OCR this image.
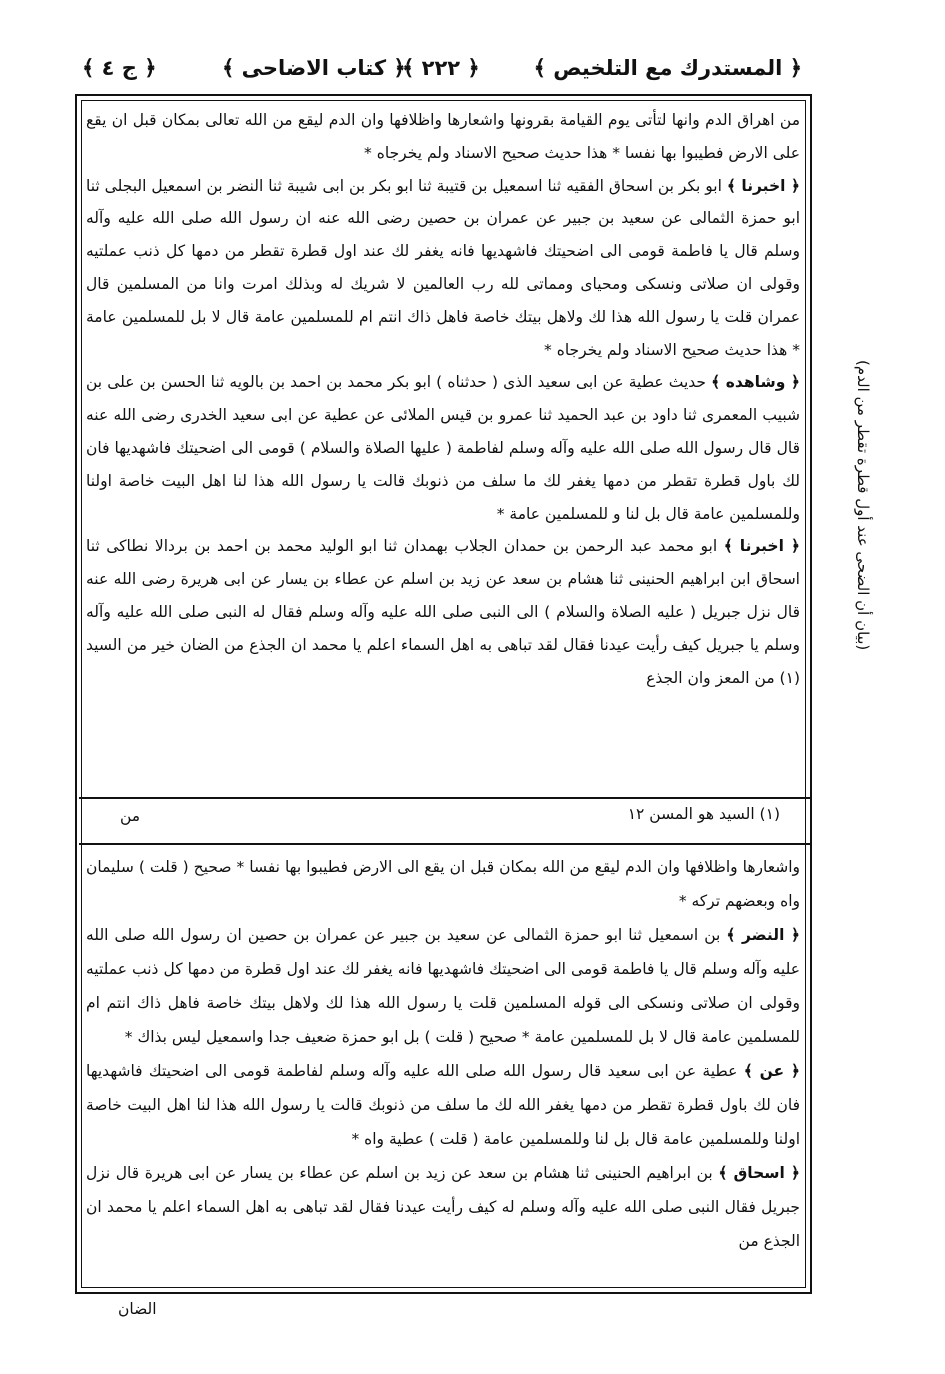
﴿ المستدرك مع التلخيص ﴾
﴿ ٢٢٢ ﴾
﴿ كتاب الاضاحى ﴾
﴿ ج ٤ ﴾
(بيان أن الضحى عند أول قطرة تقطر من الدم)

من اهراق الدم وانها لتأتى يوم القيامة بقرونها واشعارها واظلافها وان الدم ليقع من الله تعالى بمكان قبل ان يقع على الارض فطيبوا بها نفسا * هذا حديث صحيح الاسناد ولم يخرجاه *

﴿ اخبرنا ﴾ ابو بكر بن اسحاق الفقيه ثنا اسمعيل بن قتيبة ثنا ابو بكر بن ابى شيبة ثنا النضر بن اسمعيل البجلى ثنا ابو حمزة الثمالى عن سعيد بن جبير عن عمران بن حصين رضى الله عنه ان رسول الله صلى الله عليه وآله وسلم قال يا فاطمة قومى الى اضحيتك فاشهديها فانه يغفر لك عند اول قطرة تقطر من دمها كل ذنب عملتيه وقولى ان صلاتى ونسكى ومحياى ومماتى لله رب العالمين لا شريك له وبذلك امرت وانا من المسلمين قال عمران قلت يا رسول الله هذا لك ولاهل بيتك خاصة فاهل ذاك انتم ام للمسلمين عامة قال لا بل للمسلمين عامة * هذا حديث صحيح الاسناد ولم يخرجاه *

﴿ وشاهده ﴾ حديث عطية عن ابى سعيد الذى ( حدثناه ) ابو بكر محمد بن احمد بن بالويه ثنا الحسن بن على بن شبيب المعمرى ثنا داود بن عبد الحميد ثنا عمرو بن قيس الملائى عن عطية عن ابى سعيد الخدرى رضى الله عنه قال قال رسول الله صلى الله عليه وآله وسلم لفاطمة ( عليها الصلاة والسلام ) قومى الى اضحيتك فاشهديها فان لك باول قطرة تقطر من دمها يغفر لك ما سلف من ذنوبك قالت يا رسول الله هذا لنا اهل البيت خاصة اولنا وللمسلمين عامة قال بل لنا و للمسلمين عامة *

﴿ اخبرنا ﴾ ابو محمد عبد الرحمن بن حمدان الجلاب بهمدان ثنا ابو الوليد محمد بن احمد بن بردالا نطاكى ثنا اسحاق ابن ابراهيم الحنينى ثنا هشام بن سعد عن زيد بن اسلم عن عطاء بن يسار عن ابى هريرة رضى الله عنه قال نزل جبريل ( عليه الصلاة والسلام ) الى النبى صلى الله عليه وآله وسلم فقال له النبى صلى الله عليه وآله وسلم يا جبريل كيف رأيت عيدنا فقال لقد تباهى به اهل السماء اعلم يا محمد ان الجذع من الضان خير من السيد (١) من المعز وان الجذع

(١) السيد هو المسن ١٢
من

واشعارها واظلافها وان الدم ليقع من الله بمكان قبل ان يقع الى الارض فطيبوا بها نفسا * صحيح ( قلت ) سليمان واه وبعضهم تركه *

﴿ النضر ﴾ بن اسمعيل ثنا ابو حمزة الثمالى عن سعيد بن جبير عن عمران بن حصين ان رسول الله صلى الله عليه وآله وسلم قال يا فاطمة قومى الى اضحيتك فاشهديها فانه يغفر لك عند اول قطرة من دمها كل ذنب عملتيه وقولى ان صلاتى ونسكى الى قوله المسلمين قلت يا رسول الله هذا لك ولاهل بيتك خاصة فاهل ذاك انتم ام للمسلمين عامة قال لا بل للمسلمين عامة * صحيح ( قلت ) بل ابو حمزة ضعيف جدا واسمعيل ليس بذاك *

﴿ عن ﴾ عطية عن ابى سعيد قال رسول الله صلى الله عليه وآله وسلم لفاطمة قومى الى اضحيتك فاشهديها فان لك باول قطرة تقطر من دمها يغفر الله لك ما سلف من ذنوبك قالت يا رسول الله هذا لنا اهل البيت خاصة اولنا وللمسلمين عامة قال بل لنا وللمسلمين عامة ( قلت ) عطية واه *

﴿ اسحاق ﴾ بن ابراهيم الحنينى ثنا هشام بن سعد عن زيد بن اسلم عن عطاء بن يسار عن ابى هريرة قال نزل جبريل فقال النبى صلى الله عليه وآله وسلم له كيف رأيت عيدنا فقال لقد تباهى به اهل السماء اعلم يا محمد ان الجذع من

الضان
